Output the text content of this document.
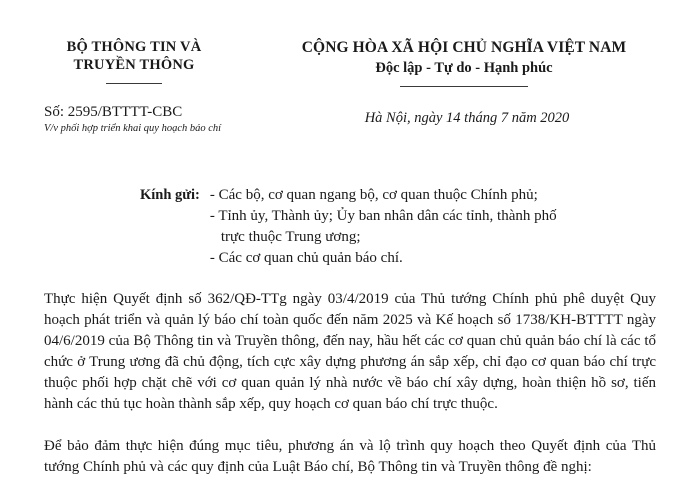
BỘ THÔNG TIN VÀ
TRUYỀN THÔNG
CỘNG HÒA XÃ HỘI CHỦ NGHĨA VIỆT NAM
Độc lập - Tự do - Hạnh phúc
Số: 2595/BTTTT-CBC
V/v phối hợp triển khai quy hoạch báo chí
Hà Nội, ngày 14 tháng 7 năm 2020
Kính gửi: - Các bộ, cơ quan ngang bộ, cơ quan thuộc Chính phủ;
- Tỉnh ủy, Thành ủy; Ủy ban nhân dân các tỉnh, thành phố
trực thuộc Trung ương;
- Các cơ quan chủ quản báo chí.

Thực hiện Quyết định số 362/QĐ-TTg ngày 03/4/2019 của Thủ tướng Chính phủ phê duyệt Quy hoạch phát triển và quản lý báo chí toàn quốc đến năm 2025 và Kế hoạch số 1738/KH-BTTTT ngày 04/6/2019 của Bộ Thông tin và Truyền thông, đến nay, hầu hết các cơ quan chủ quản báo chí là các tổ chức ở Trung ương đã chủ động, tích cực xây dựng phương án sắp xếp, chỉ đạo cơ quan báo chí trực thuộc phối hợp chặt chẽ với cơ quan quản lý nhà nước về báo chí xây dựng, hoàn thiện hồ sơ, tiến hành các thủ tục hoàn thành sắp xếp, quy hoạch cơ quan báo chí trực thuộc.

Để bảo đảm thực hiện đúng mục tiêu, phương án và lộ trình quy hoạch theo Quyết định của Thủ tướng Chính phủ và các quy định của Luật Báo chí, Bộ Thông tin và Truyền thông đề nghị:
